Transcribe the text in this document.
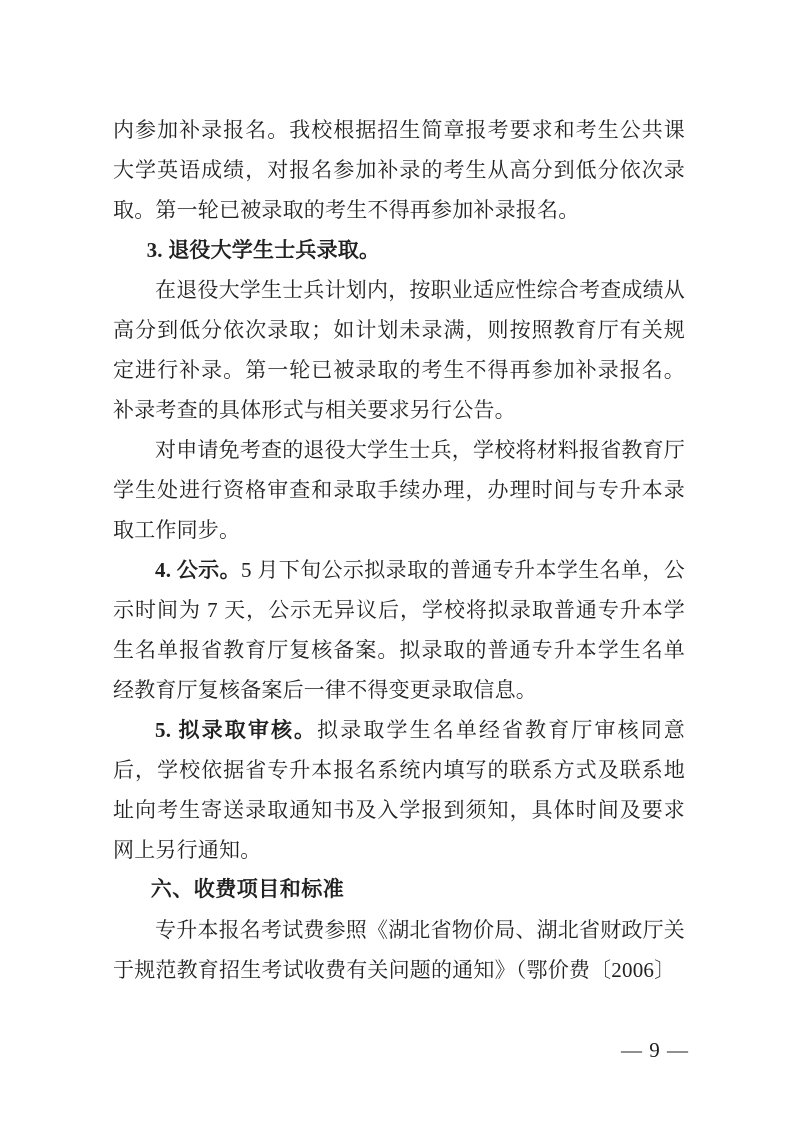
内参加补录报名。我校根据招生简章报考要求和考生公共课大学英语成绩，对报名参加补录的考生从高分到低分依次录取。第一轮已被录取的考生不得再参加补录报名。

3. 退役大学生士兵录取。

在退役大学生士兵计划内，按职业适应性综合考查成绩从高分到低分依次录取；如计划未录满，则按照教育厅有关规定进行补录。第一轮已被录取的考生不得再参加补录报名。补录考查的具体形式与相关要求另行公告。

对申请免考查的退役大学生士兵，学校将材料报省教育厅学生处进行资格审查和录取手续办理，办理时间与专升本录取工作同步。

4. 公示。5 月下旬公示拟录取的普通专升本学生名单，公示时间为 7 天，公示无异议后，学校将拟录取普通专升本学生名单报省教育厅复核备案。拟录取的普通专升本学生名单经教育厅复核备案后一律不得变更录取信息。

5. 拟录取审核。拟录取学生名单经省教育厅审核同意后，学校依据省专升本报名系统内填写的联系方式及联系地址向考生寄送录取通知书及入学报到须知，具体时间及要求网上另行通知。

六、收费项目和标准

专升本报名考试费参照《湖北省物价局、湖北省财政厅关于规范教育招生考试收费有关问题的通知》（鄂价费〔2006〕

— 9 —
